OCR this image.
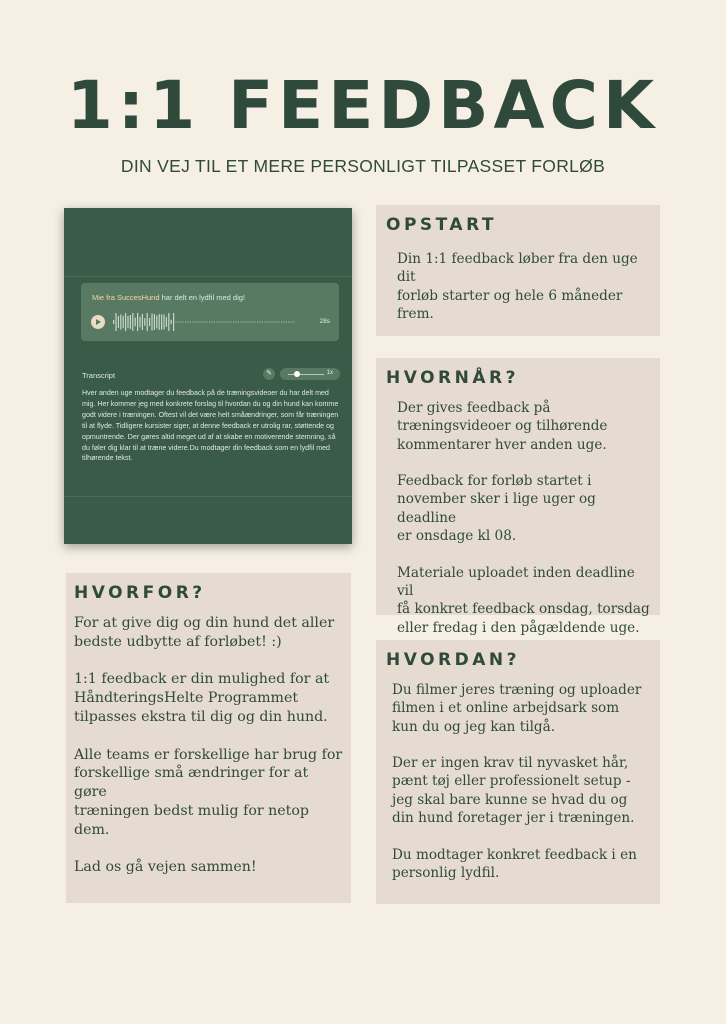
1:1 FEEDBACK
DIN VEJ TIL ET MERE PERSONLIGT TILPASSET FORLØB
Mie fra SuccesHund har delt en lydfil med dig!
28s
Transcript	✎	1x
Hver anden uge modtager du feedback på de træningsvideoer du har delt med mig. Her kommer jeg med konkrete forslag til hvordan du og din hund kan komme godt videre i træningen. Oftest vil det være helt småændringer, som får træningen til at flyde. Tidligere kursister siger, at denne feedback er utrolig rar, støttende og opmuntrende. Der gøres altid meget ud af at skabe en motiverende stemning, så du føler dig klar til at træne videre.Du modtager din feedback som en lydfil med tilhørende tekst.
OPSTART

Din 1:1 feedback løber fra den uge dit
forløb starter og hele 6 måneder frem.

HVORNÅR?

Der gives feedback på
træningsvideoer og tilhørende
kommentarer hver anden uge.

Feedback for forløb startet i
november sker i lige uger og deadline
er onsdage kl 08.

Materiale uploadet inden deadline vil
få konkret feedback onsdag, torsdag
eller fredag i den pågældende uge.

HVORFOR?

For at give dig og din hund det aller
bedste udbytte af forløbet! :)

1:1 feedback er din mulighed for at
HåndteringsHelte Programmet
tilpasses ekstra til dig og din hund.

Alle teams er forskellige har brug for
forskellige små ændringer for at gøre
træningen bedst mulig for netop
dem.

Lad os gå vejen sammen!

HVORDAN?

Du filmer jeres træning og uploader
filmen i et online arbejdsark som
kun du og jeg kan tilgå.

Der er ingen krav til nyvasket hår,
pænt tøj eller professionelt setup -
jeg skal bare kunne se hvad du og
din hund foretager jer i træningen.

Du modtager konkret feedback i en
personlig lydfil.
